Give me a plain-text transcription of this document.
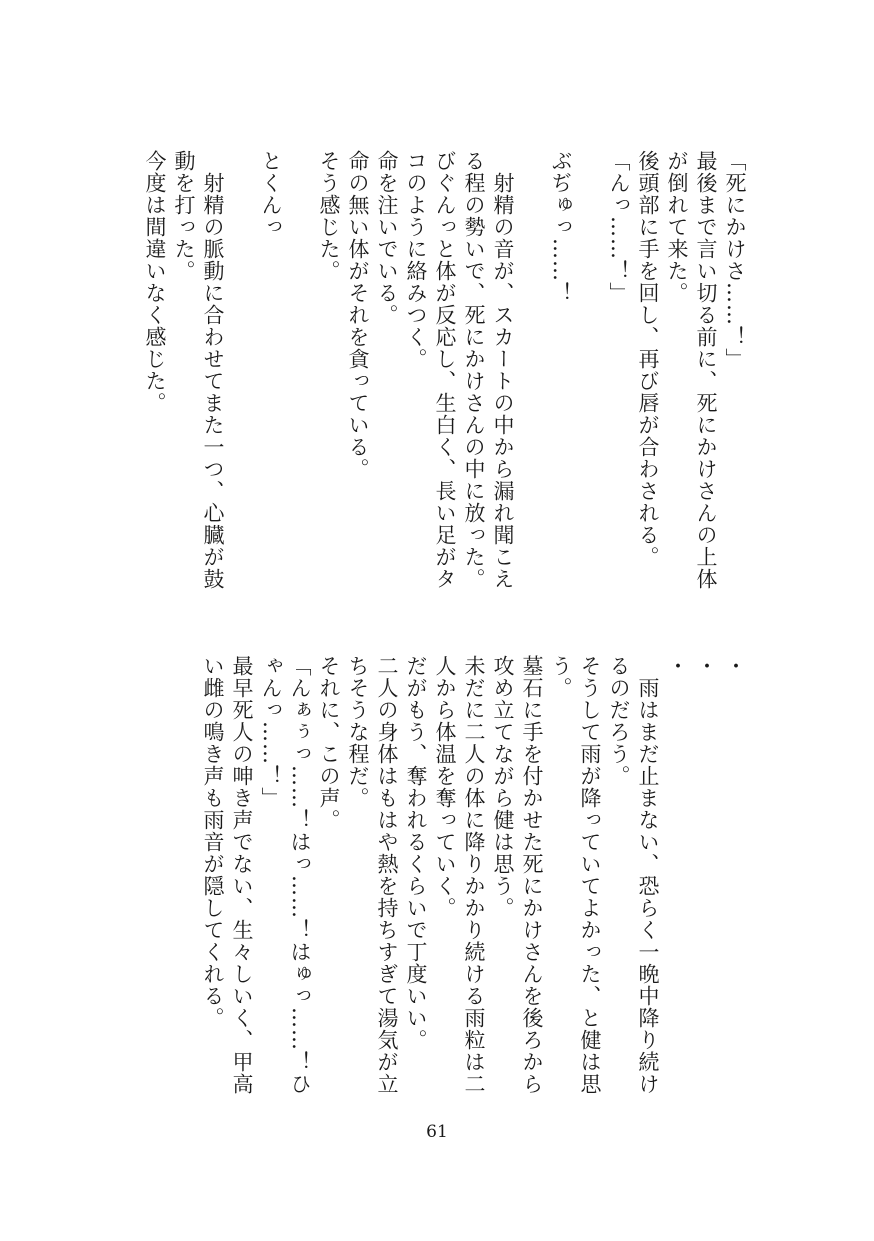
「死にかけさ……！」

最後まで言い切る前に、死にかけさんの上体が倒れて来た。

後頭部に手を回し、再び唇が合わされる。

「んっ……！」

ぶぢゅっ……！

　射精の音が、スカートの中から漏れ聞こえる程の勢いで、死にかけさんの中に放った。

びぐんっと体が反応し、生白く、長い足がタコのように絡みつく。

命を注いでいる。

命の無い体がそれを貪っている。

そう感じた。

とくんっ

　射精の脈動に合わせてまた一つ、心臓が鼓動を打った。

今度は間違いなく感じた。

・

・

・

　雨はまだ止まない、恐らく一晩中降り続けるのだろう。

そうして雨が降っていてよかった、と健は思う。

墓石に手を付かせた死にかけさんを後ろから攻め立てながら健は思う。

未だに二人の体に降りかかり続ける雨粒は二人から体温を奪っていく。

だがもう、奪われるくらいで丁度いい。

二人の身体はもはや熱を持ちすぎて湯気が立ちそうな程だ。

それに、この声。

「んぁぅっ……！はっ……！はゅっ……！ひゃんっ……！」

最早死人の呻き声でない、生々しいく、甲高い雌の鳴き声も雨音が隠してくれる。

61
